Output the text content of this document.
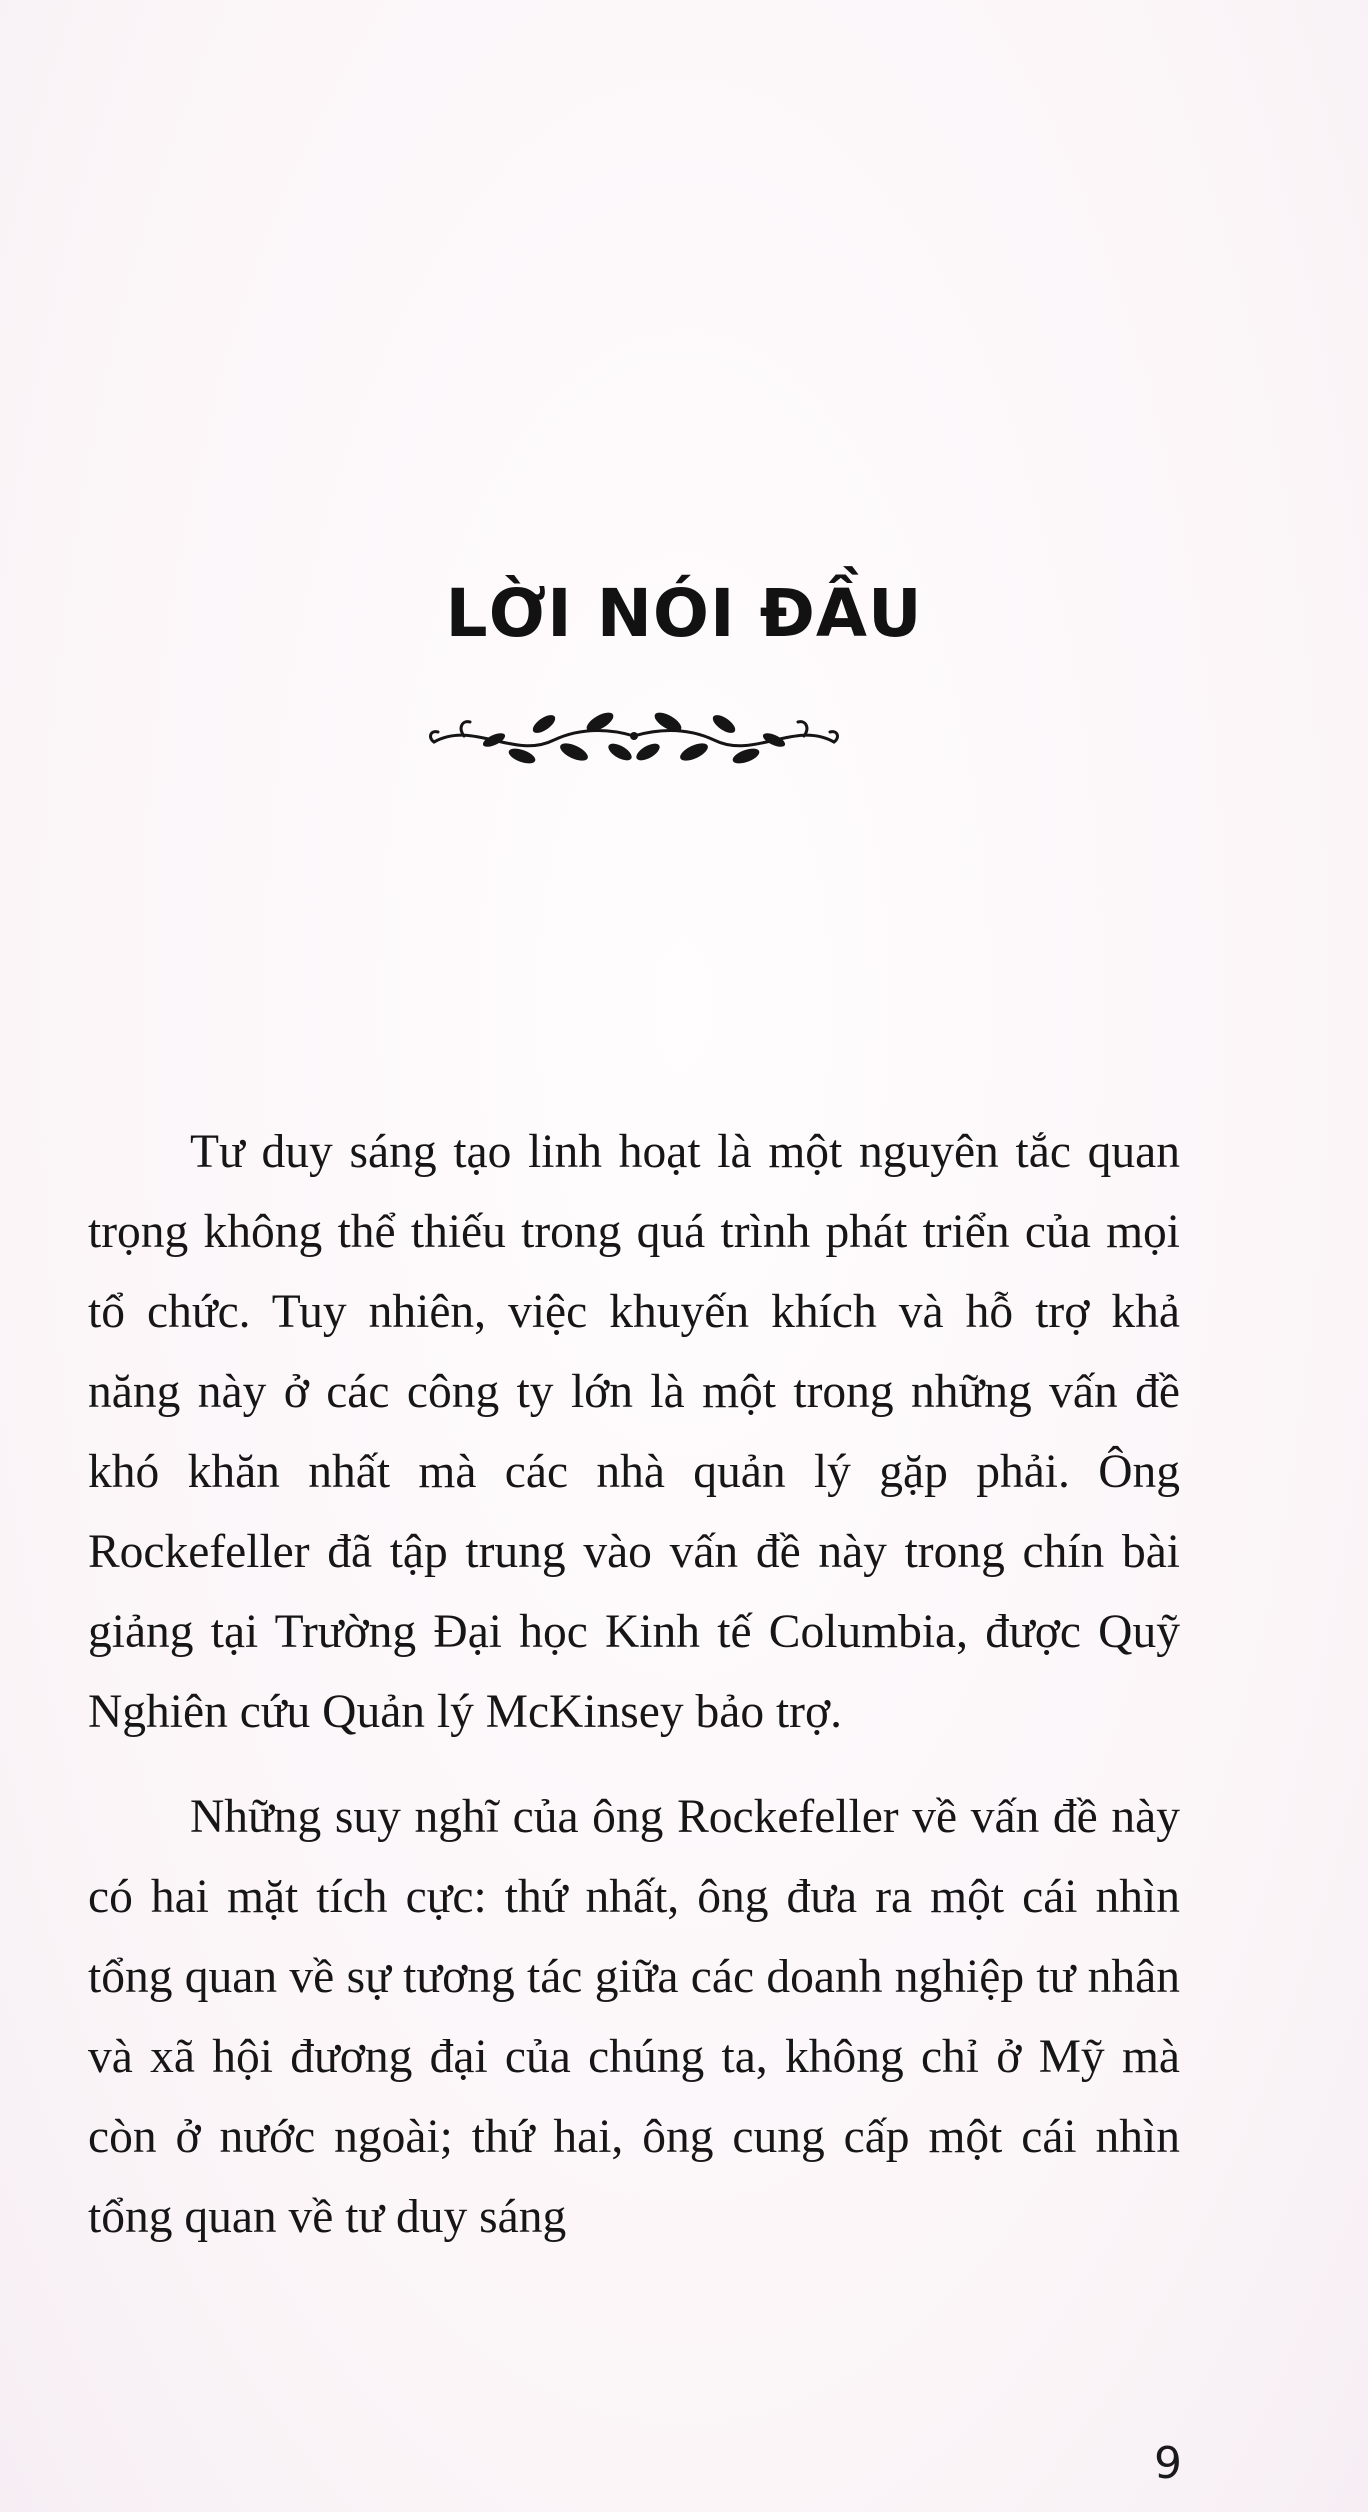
LỜI NÓI ĐẦU

Tư duy sáng tạo linh hoạt là một nguyên tắc quan trọng không thể thiếu trong quá trình phát triển của mọi tổ chức. Tuy nhiên, việc khuyến khích và hỗ trợ khả năng này ở các công ty lớn là một trong những vấn đề khó khăn nhất mà các nhà quản lý gặp phải. Ông Rockefeller đã tập trung vào vấn đề này trong chín bài giảng tại Trường Đại học Kinh tế Columbia, được Quỹ Nghiên cứu Quản lý McKinsey bảo trợ.

Những suy nghĩ của ông Rockefeller về vấn đề này có hai mặt tích cực: thứ nhất, ông đưa ra một cái nhìn tổng quan về sự tương tác giữa các doanh nghiệp tư nhân và xã hội đương đại của chúng ta, không chỉ ở Mỹ mà còn ở nước ngoài; thứ hai, ông cung cấp một cái nhìn tổng quan về tư duy sáng

9
